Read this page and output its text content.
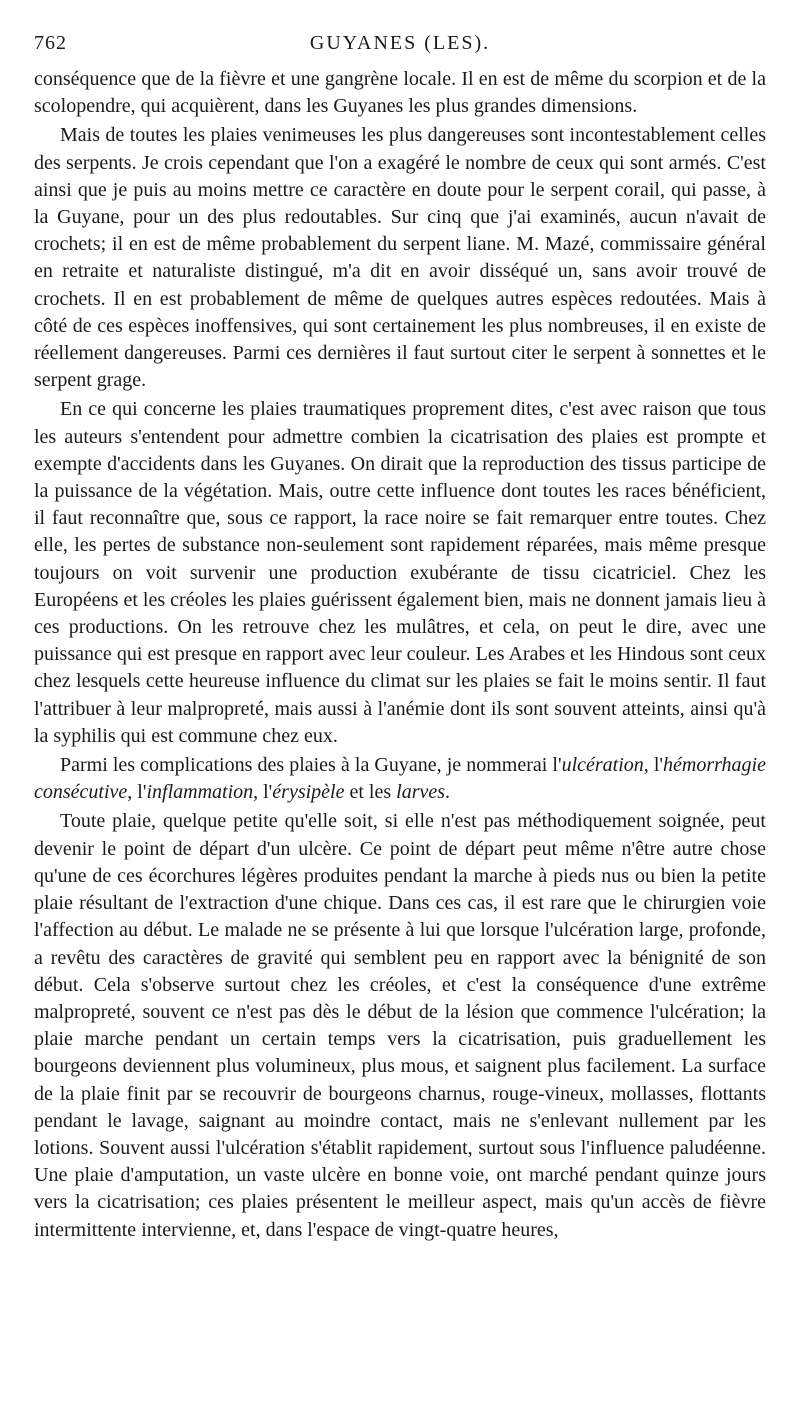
762	GUYANES (LES).

conséquence que de la fièvre et une gangrène locale. Il en est de même du scorpion et de la scolopendre, qui acquièrent, dans les Guyanes les plus grandes dimensions.

Mais de toutes les plaies venimeuses les plus dangereuses sont incontestablement celles des serpents. Je crois cependant que l'on a exagéré le nombre de ceux qui sont armés. C'est ainsi que je puis au moins mettre ce caractère en doute pour le serpent corail, qui passe, à la Guyane, pour un des plus redoutables. Sur cinq que j'ai examinés, aucun n'avait de crochets; il en est de même probablement du serpent liane. M. Mazé, commissaire général en retraite et naturaliste distingué, m'a dit en avoir disséqué un, sans avoir trouvé de crochets. Il en est probablement de même de quelques autres espèces redoutées. Mais à côté de ces espèces inoffensives, qui sont certainement les plus nombreuses, il en existe de réellement dangereuses. Parmi ces dernières il faut surtout citer le serpent à sonnettes et le serpent grage.

En ce qui concerne les plaies traumatiques proprement dites, c'est avec raison que tous les auteurs s'entendent pour admettre combien la cicatrisation des plaies est prompte et exempte d'accidents dans les Guyanes. On dirait que la reproduction des tissus participe de la puissance de la végétation. Mais, outre cette influence dont toutes les races bénéficient, il faut reconnaître que, sous ce rapport, la race noire se fait remarquer entre toutes. Chez elle, les pertes de substance non-seulement sont rapidement réparées, mais même presque toujours on voit survenir une production exubérante de tissu cicatriciel. Chez les Européens et les créoles les plaies guérissent également bien, mais ne donnent jamais lieu à ces productions. On les retrouve chez les mulâtres, et cela, on peut le dire, avec une puissance qui est presque en rapport avec leur couleur. Les Arabes et les Hindous sont ceux chez lesquels cette heureuse influence du climat sur les plaies se fait le moins sentir. Il faut l'attribuer à leur malpropreté, mais aussi à l'anémie dont ils sont souvent atteints, ainsi qu'à la syphilis qui est commune chez eux.

Parmi les complications des plaies à la Guyane, je nommerai l'ulcération, l'hémorrhagie consécutive, l'inflammation, l'érysipèle et les larves.

Toute plaie, quelque petite qu'elle soit, si elle n'est pas méthodiquement soignée, peut devenir le point de départ d'un ulcère. Ce point de départ peut même n'être autre chose qu'une de ces écorchures légères produites pendant la marche à pieds nus ou bien la petite plaie résultant de l'extraction d'une chique. Dans ces cas, il est rare que le chirurgien voie l'affection au début. Le malade ne se présente à lui que lorsque l'ulcération large, profonde, a revêtu des caractères de gravité qui semblent peu en rapport avec la bénignité de son début. Cela s'observe surtout chez les créoles, et c'est la conséquence d'une extrême malpropreté, souvent ce n'est pas dès le début de la lésion que commence l'ulcération; la plaie marche pendant un certain temps vers la cicatrisation, puis graduellement les bourgeons deviennent plus volumineux, plus mous, et saignent plus facilement. La surface de la plaie finit par se recouvrir de bourgeons charnus, rouge-vineux, mollasses, flottants pendant le lavage, saignant au moindre contact, mais ne s'enlevant nullement par les lotions. Souvent aussi l'ulcération s'établit rapidement, surtout sous l'influence paludéenne. Une plaie d'amputation, un vaste ulcère en bonne voie, ont marché pendant quinze jours vers la cicatrisation; ces plaies présentent le meilleur aspect, mais qu'un accès de fièvre intermittente intervienne, et, dans l'espace de vingt-quatre heures,
